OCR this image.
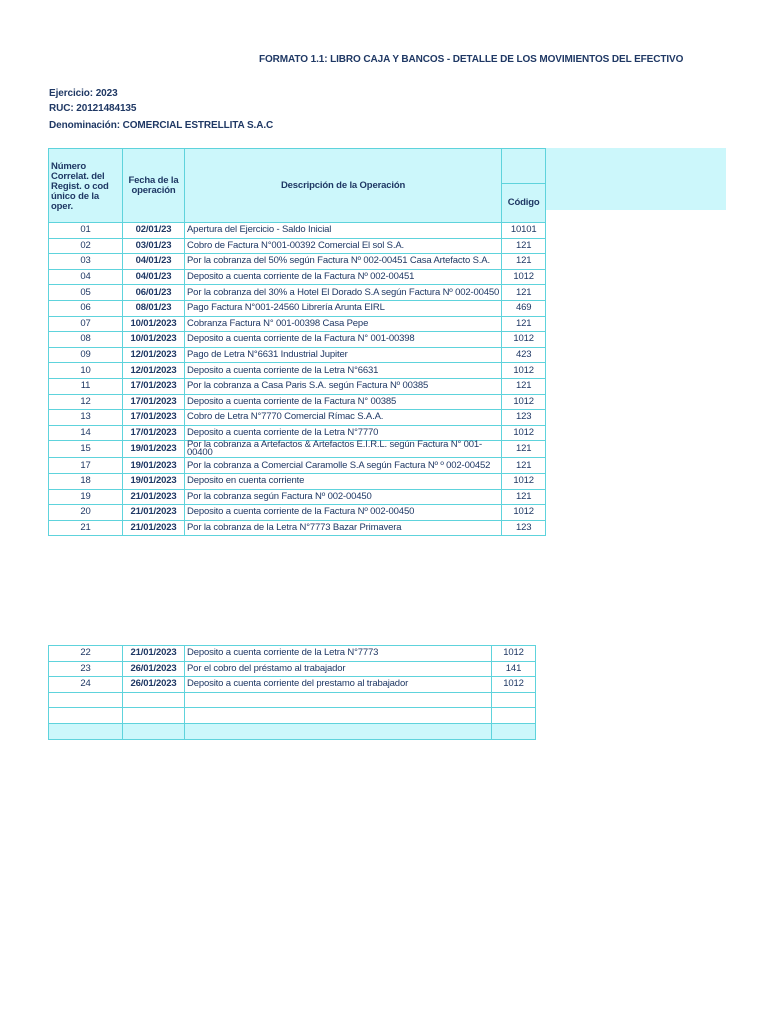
FORMATO 1.1: LIBRO CAJA Y BANCOS - DETALLE DE LOS MOVIMIENTOS DEL EFECTIVO
Ejercicio: 2023
RUC: 20121484135
Denominación: COMERCIAL ESTRELLITA S.A.C
Número Correlat. del Regist. o cod único de la oper.	Fecha de la operación	Descripción de la Operación	
			Código
01	02/01/23	Apertura del Ejercicio - Saldo Inicial	10101
02	03/01/23	Cobro de Factura N°001-00392 Comercial El sol S.A.	121
03	04/01/23	Por la cobranza del 50% según Factura Nº 002-00451 Casa Artefacto S.A.	121
04	04/01/23	Deposito a cuenta corriente de la Factura Nº 002-00451	1012
05	06/01/23	Por la cobranza del 30% a Hotel El Dorado S.A según Factura Nº 002-00450	121
06	08/01/23	Pago Factura N°001-24560 Librería Arunta EIRL	469
07	10/01/2023	Cobranza Factura N° 001-00398 Casa Pepe	121
08	10/01/2023	Deposito a cuenta corriente de la Factura N° 001-00398	1012
09	12/01/2023	Pago de Letra N°6631 Industrial Jupiter	423
10	12/01/2023	Deposito a cuenta corriente de la Letra N°6631	1012
11	17/01/2023	Por la cobranza a Casa Paris S.A. según Factura Nº 00385	121
12	17/01/2023	Deposito a cuenta corriente de la Factura N° 00385	1012
13	17/01/2023	Cobro de Letra N°7770 Comercial Rímac S.A.A.	123
14	17/01/2023	Deposito a cuenta corriente de la Letra N°7770	1012
15	19/01/2023	Por la cobranza a Artefactos & Artefactos E.I.R.L. según Factura N° 001-00400	121
17	19/01/2023	Por la cobranza a Comercial Caramolle S.A según Factura Nº º 002-00452	121
18	19/01/2023	Deposito en cuenta corriente	1012
19	21/01/2023	Por la cobranza según Factura Nº 002-00450	121
20	21/01/2023	Deposito a cuenta corriente de la Factura Nº 002-00450	1012
21	21/01/2023	Por la cobranza de la Letra N°7773 Bazar Primavera	123
22	21/01/2023	Deposito a cuenta corriente de la Letra N°7773	1012
23	26/01/2023	Por el cobro del préstamo al trabajador	141
24	26/01/2023	Deposito a cuenta corriente del prestamo al trabajador	1012
